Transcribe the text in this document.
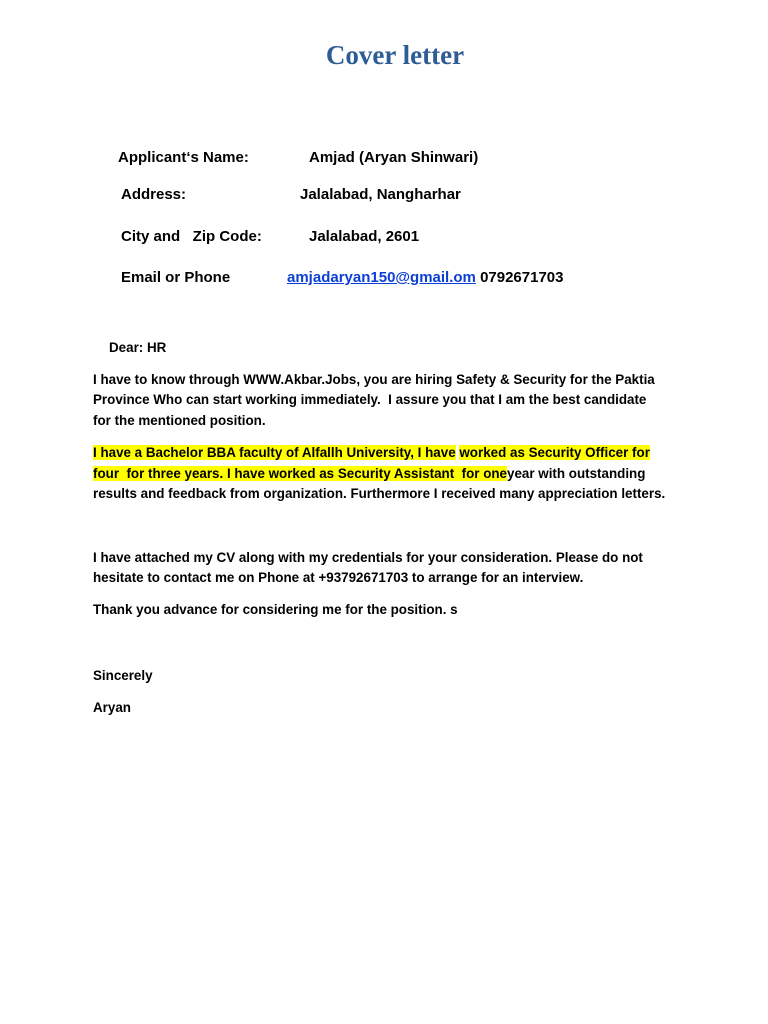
Cover letter
Applicant‘s Name:	Amjad (Aryan Shinwari)
Address:	Jalalabad, Nangharhar
City and   Zip Code:	Jalalabad, 2601
Email or Phone	amjadaryan150@gmail.om 0792671703
Dear: HR
I have to know through WWW.Akbar.Jobs, you are hiring Safety & Security for the Paktia
Province Who can start working immediately.  I assure you that I am the best candidate
for the mentioned position.
I have a Bachelor BBA faculty of Alfallh University, I have worked as Security Officer for
four  for three years. I have worked as Security Assistant  for oneyear with outstanding
results and feedback from organization. Furthermore I received many appreciation letters.
I have attached my CV along with my credentials for your consideration. Please do not
hesitate to contact me on Phone at +93792671703 to arrange for an interview.
Thank you advance for considering me for the position. s
Sincerely
Aryan
